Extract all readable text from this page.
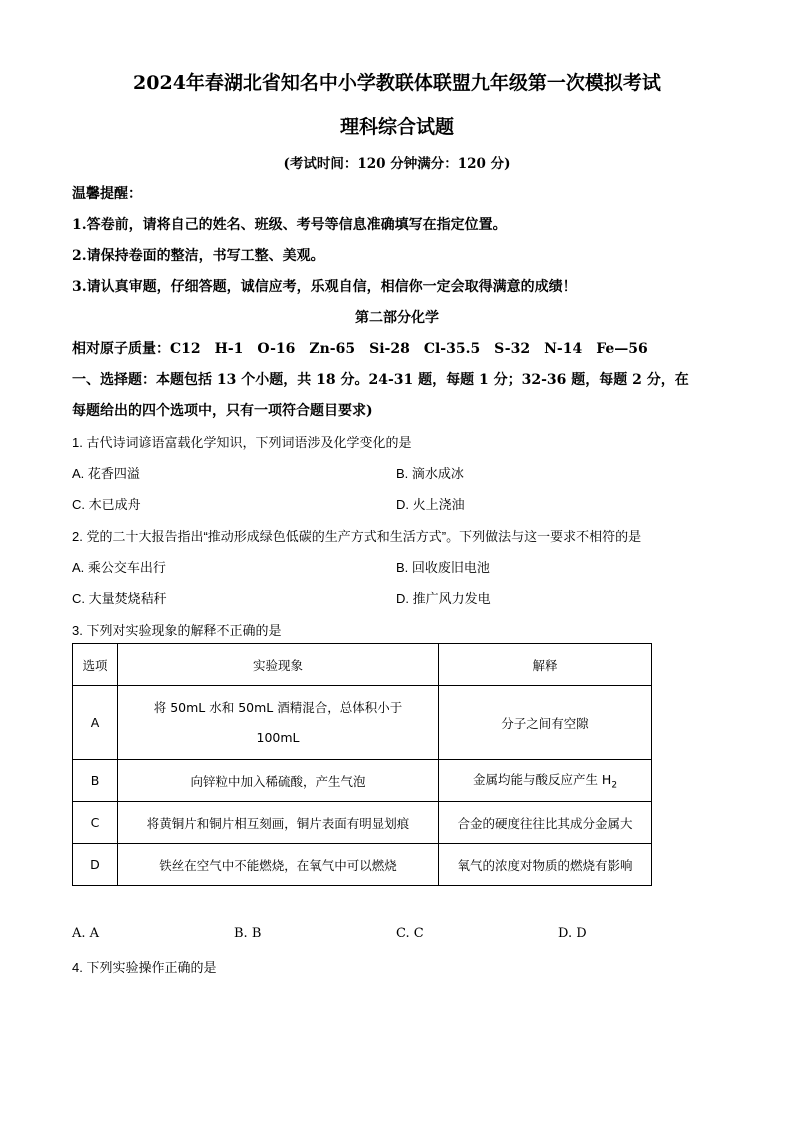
2024年春湖北省知名中小学教联体联盟九年级第一次模拟考试
理科综合试题
(考试时间：120 分钟满分：120 分)
温馨提醒：
1.答卷前，请将自己的姓名、班级、考号等信息准确填写在指定位置。
2.请保持卷面的整洁，书写工整、美观。
3.请认真审题，仔细答题，诚信应考，乐观自信，相信你一定会取得满意的成绩！
第二部分化学
相对原子质量：C12　H-1　O-16　Zn-65　Si-28　Cl-35.5　S-32　N-14　Fe—56
一、选择题：本题包括 13 个小题，共 18 分。24-31 题，每题 1 分；32-36 题，每题 2 分，在
每题给出的四个选项中，只有一项符合题目要求)
1. 古代诗词谚语富载化学知识，下列词语涉及化学变化的是
A. 花香四溢	B. 滴水成冰
C. 木已成舟	D. 火上浇油
2. 党的二十大报告指出“推动形成绿色低碳的生产方式和生活方式”。下列做法与这一要求不相符的是
A. 乘公交车出行	B. 回收废旧电池
C. 大量焚烧秸秆	D. 推广风力发电
3. 下列对实验现象的解释不正确的是
选项	实验现象	解释
A	将 50mL 水和 50mL 酒精混合，总体积小于
100mL	分子之间有空隙
B	向锌粒中加入稀硫酸，产生气泡	金属均能与酸反应产生 $H_2$
C	将黄铜片和铜片相互刻画，铜片表面有明显划痕	合金的硬度往往比其成分金属大
D	铁丝在空气中不能燃烧，在氧气中可以燃烧	氧气的浓度对物质的燃烧有影响
A. A	B. B	C. C	D. D
4. 下列实验操作正确的是
